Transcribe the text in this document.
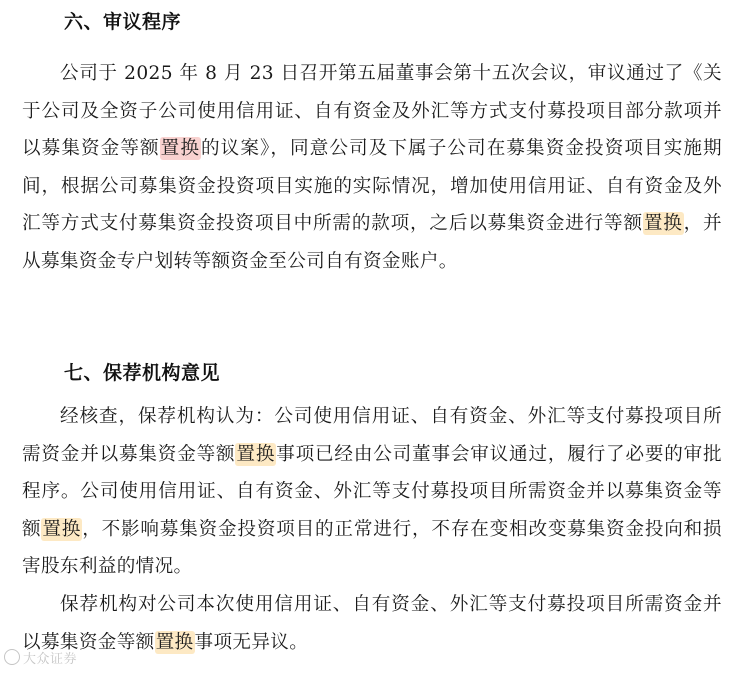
六、审议程序
公司于 2025 年 8 月 23 日召开第五届董事会第十五次会议，审议通过了《关于公司及全资子公司使用信用证、自有资金及外汇等方式支付募投项目部分款项并以募集资金等额置换的议案》，同意公司及下属子公司在募集资金投资项目实施期间，根据公司募集资金投资项目实施的实际情况，增加使用信用证、自有资金及外汇等方式支付募集资金投资项目中所需的款项，之后以募集资金进行等额置换，并从募集资金专户划转等额资金至公司自有资金账户。
七、保荐机构意见
经核查，保荐机构认为：公司使用信用证、自有资金、外汇等支付募投项目所需资金并以募集资金等额置换事项已经由公司董事会审议通过，履行了必要的审批程序。公司使用信用证、自有资金、外汇等支付募投项目所需资金并以募集资金等额置换，不影响募集资金投资项目的正常进行，不存在变相改变募集资金投向和损害股东利益的情况。
保荐机构对公司本次使用信用证、自有资金、外汇等支付募投项目所需资金并以募集资金等额置换事项无异议。
大众证券
